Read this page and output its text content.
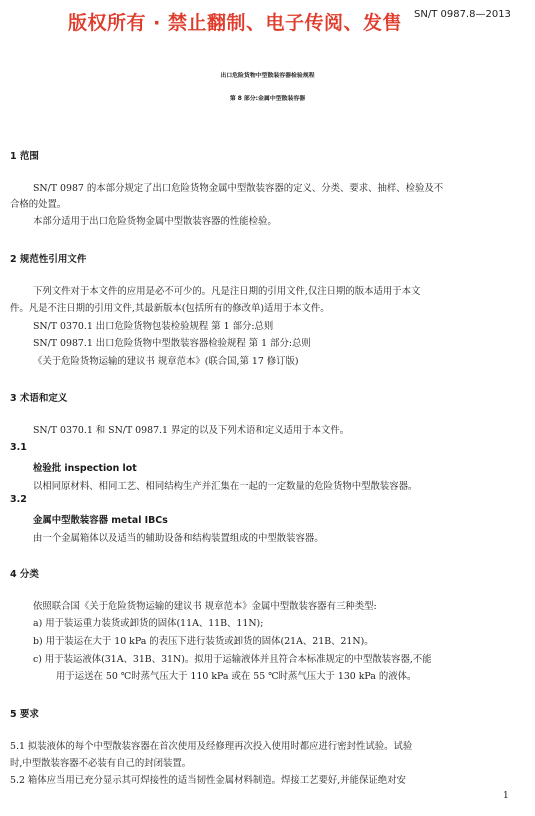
版权所有 · 禁止翻制、电子传阅、发售 SN/T 0987.8—2013
出口危险货物中型散装容器检验规程
第 8 部分:金属中型散装容器
1 范围
SN/T 0987 的本部分规定了出口危险货物金属中型散装容器的定义、分类、要求、抽样、检验及不
合格的处置。
本部分适用于出口危险货物金属中型散装容器的性能检验。
2 规范性引用文件
下列文件对于本文件的应用是必不可少的。凡是注日期的引用文件,仅注日期的版本适用于本文
件。凡是不注日期的引用文件,其最新版本(包括所有的修改单)适用于本文件。
SN/T 0370.1 出口危险货物包装检验规程 第 1 部分:总则
SN/T 0987.1 出口危险货物中型散装容器检验规程 第 1 部分:总则
《关于危险货物运输的建议书 规章范本》(联合国,第 17 修订版)
3 术语和定义
SN/T 0370.1 和 SN/T 0987.1 界定的以及下列术语和定义适用于本文件。
3.1
检验批 inspection lot
以相同原材料、相同工艺、相同结构生产并汇集在一起的一定数量的危险货物中型散装容器。
3.2
金属中型散装容器 metal IBCs
由一个金属箱体以及适当的辅助设备和结构装置组成的中型散装容器。
4 分类
依照联合国《关于危险货物运输的建议书 规章范本》金属中型散装容器有三种类型:
a) 用于装运重力装货或卸货的固体(11A、11B、11N);
b) 用于装运在大于 10 kPa 的表压下进行装货或卸货的固体(21A、21B、21N)。
c) 用于装运液体(31A、31B、31N)。拟用于运输液体并且符合本标准规定的中型散装容器,不能
用于运送在 50 ℃时蒸气压大于 110 kPa 或在 55 ℃时蒸气压大于 130 kPa 的液体。
5 要求
5.1 拟装液体的每个中型散装容器在首次使用及经修理再次投入使用时都应进行密封性试验。试验
时,中型散装容器不必装有自己的封闭装置。
5.2 箱体应当用已充分显示其可焊接性的适当韧性金属材料制造。焊接工艺要好,并能保证绝对安
1
